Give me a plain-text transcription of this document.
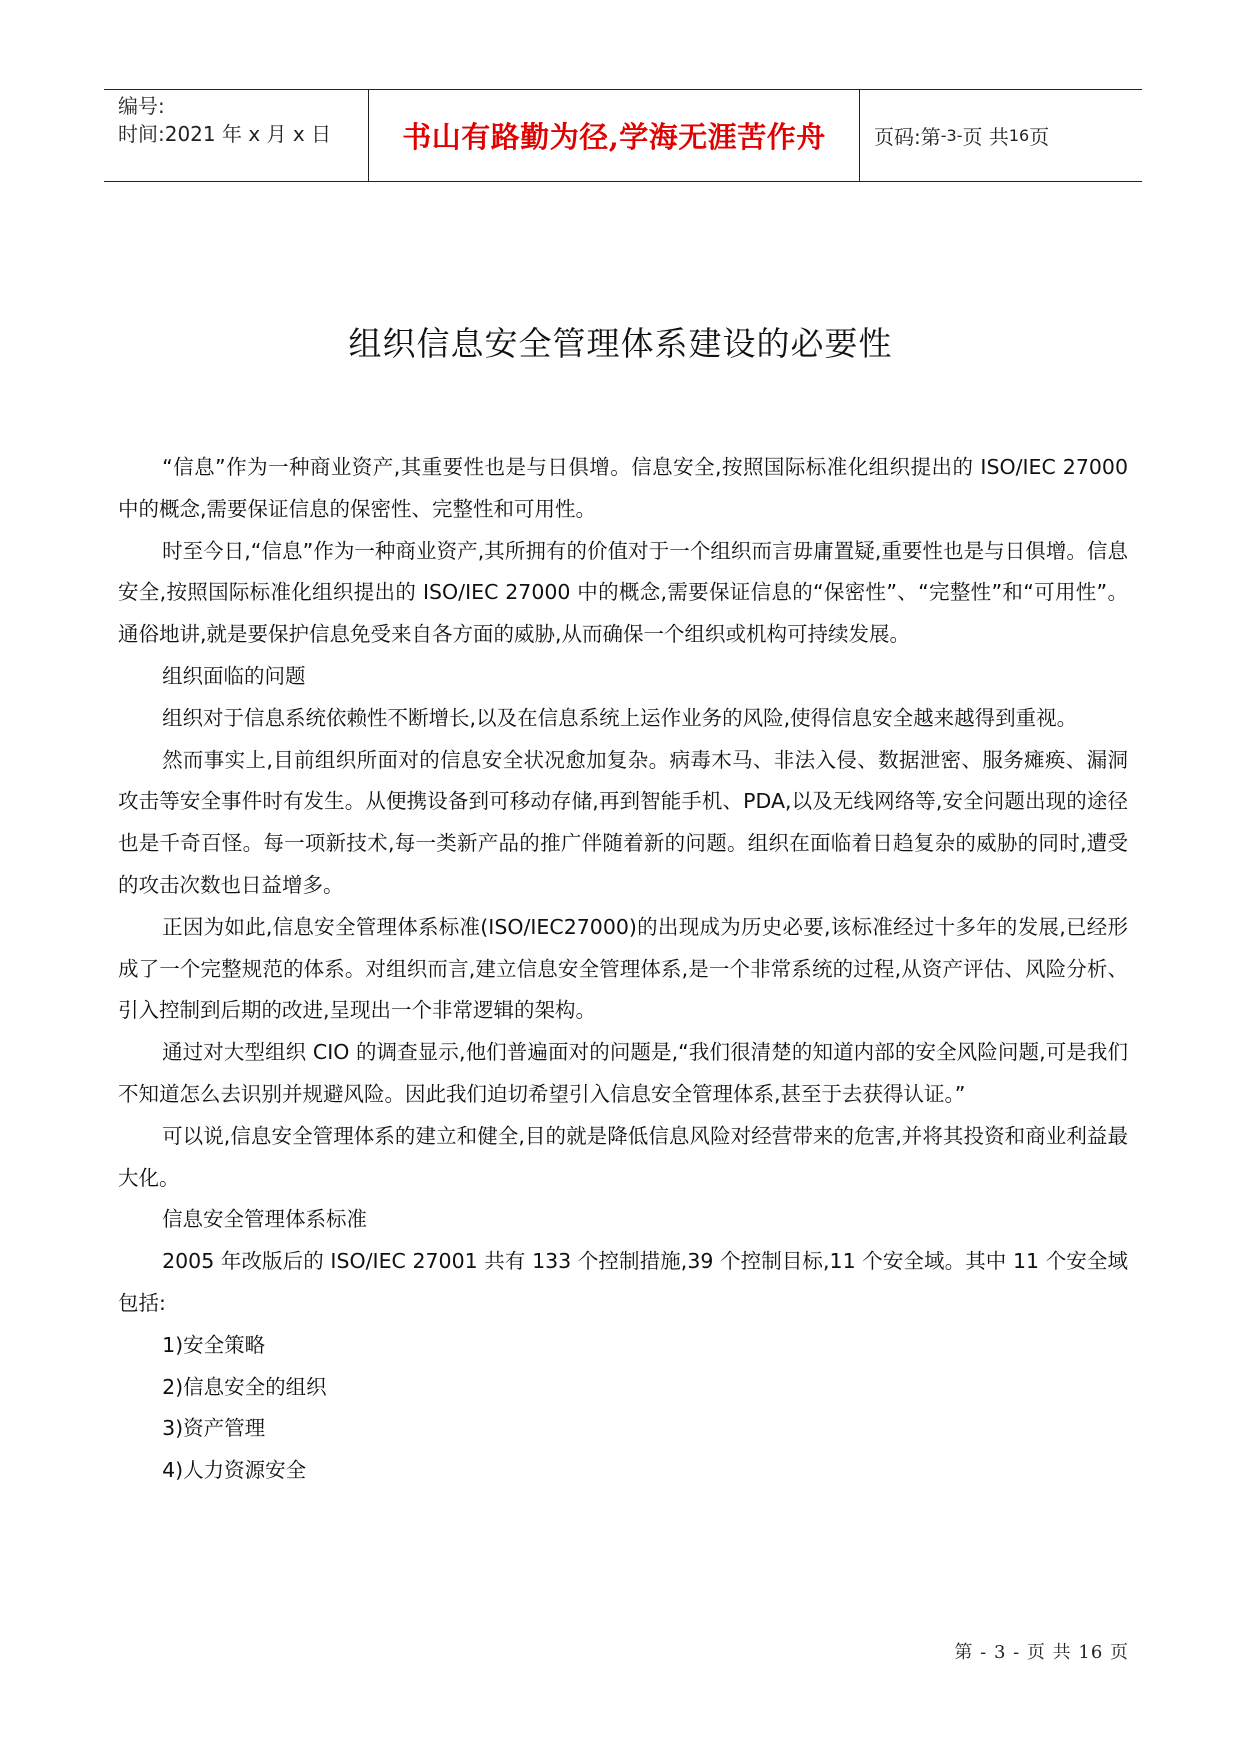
编号:
时间:2021 年 x 月 x 日	书山有路勤为径,学海无涯苦作舟	页码:第 -3- 页 共 16 页
组织信息安全管理体系建设的必要性

“信息”作为一种商业资产,其重要性也是与日俱增。信息安全,按照国际标准化组织提出的 ISO/IEC 27000 中的概念,需要保证信息的保密性、完整性和可用性。

时至今日,“信息”作为一种商业资产,其所拥有的价值对于一个组织而言毋庸置疑,重要性也是与日俱增。信息安全,按照国际标准化组织提出的 ISO/IEC 27000 中的概念,需要保证信息的“保密性”、“完整性”和“可用性”。通俗地讲,就是要保护信息免受来自各方面的威胁,从而确保一个组织或机构可持续发展。

组织面临的问题

组织对于信息系统依赖性不断增长,以及在信息系统上运作业务的风险,使得信息安全越来越得到重视。

然而事实上,目前组织所面对的信息安全状况愈加复杂。病毒木马、非法入侵、数据泄密、服务瘫痪、漏洞攻击等安全事件时有发生。从便携设备到可移动存储,再到智能手机、PDA,以及无线网络等,安全问题出现的途径也是千奇百怪。每一项新技术,每一类新产品的推广伴随着新的问题。组织在面临着日趋复杂的威胁的同时,遭受的攻击次数也日益增多。

正因为如此,信息安全管理体系标准(ISO/IEC27000)的出现成为历史必要,该标准经过十多年的发展,已经形成了一个完整规范的体系。对组织而言,建立信息安全管理体系,是一个非常系统的过程,从资产评估、风险分析、引入控制到后期的改进,呈现出一个非常逻辑的架构。

通过对大型组织 CIO 的调查显示,他们普遍面对的问题是,“我们很清楚的知道内部的安全风险问题,可是我们不知道怎么去识别并规避风险。因此我们迫切希望引入信息安全管理体系,甚至于去获得认证。”

可以说,信息安全管理体系的建立和健全,目的就是降低信息风险对经营带来的危害,并将其投资和商业利益最大化。

信息安全管理体系标准

2005 年改版后的 ISO/IEC 27001 共有 133 个控制措施,39 个控制目标,11 个安全域。其中 11 个安全域包括:

1)安全策略

2)信息安全的组织

3)资产管理

4)人力资源安全

第 - 3 - 页 共 16 页
